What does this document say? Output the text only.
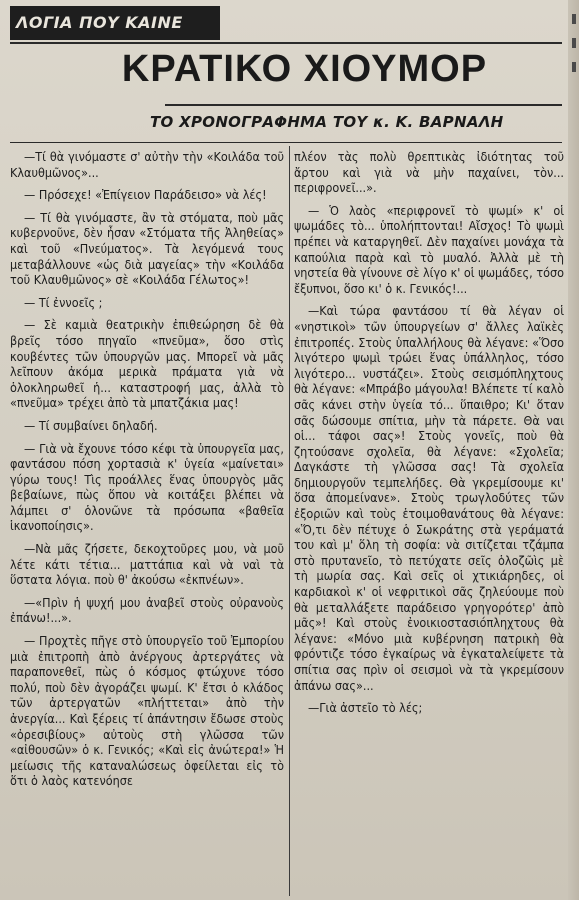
ΛΟΓΙΑ ΠΟΥ ΚΑΙΝΕ
ΚΡΑΤΙΚΟ ΧΙΟΥΜΟΡ
ΤΟ ΧΡΟΝΟΓΡΑΦΗΜΑ ΤΟΥ κ. Κ. ΒΑΡΝΑΛΗ

—Τί θὰ γινόμαστε σ' αὐτὴν τὴν «Κοιλάδα τοῦ Κλαυθμῶνος»...

— Πρόσεχε! «Ἐπίγειον Παράδεισο» νὰ λές!

— Τί θὰ γινόμαστε, ἂν τὰ στόματα, ποὺ μᾶς κυβερνοῦνε, δὲν ἦσαν «Στόματα τῆς Ἀληθείας» καὶ τοῦ «Πνεύματος». Τὰ λεγόμενά τους μεταβάλλουνε «ὡς διὰ μαγείας» τὴν «Κοιλάδα τοῦ Κλαυθμῶνος» σὲ «Κοιλάδα Γέλωτος»!

— Τί ἐννοεῖς ;

— Σὲ καμιὰ θεατρικὴν ἐπιθεώρηση δὲ θὰ βρεῖς τόσο πηγαῖο «πνεῦμα», ὅσο στὶς κουβέντες τῶν ὑπουργῶν μας. Μπορεῖ νὰ μᾶς λεῖπουν ἀκόμα μερικὰ πράματα γιὰ νὰ ὁλοκληρωθεῖ ἡ... καταστροφή μας, ἀλλὰ τὸ «πνεῦμα» τρέχει ἀπὸ τὰ μπατζάκια μας!

— Τί συμβαίνει δηλαδή.

— Γιὰ νὰ ἔχουνε τόσο κέφι τὰ ὑπουργεῖα μας, φαντάσου πόση χορτασιὰ κ' ὑγεία «μαίνεται» γύρω τους! Τὶς προάλλες ἕνας ὑπουργὸς μᾶς βεβαίωνε, πὼς ὅπου νὰ κοιτάξει βλέπει νὰ λάμπει σ' ὁλονῶνε τὰ πρόσωπα «βαθεῖα ἱκανοποίησις».

—Νὰ μᾶς ζήσετε, δεκοχτοῦρες μου, νὰ μοῦ λέτε κάτι τέτια... ματτάπια καὶ νὰ ναὶ τὰ ὕστατα λόγια. ποὺ θ' ἀκούσω «ἐκπνέων».

—«Πρὶν ἡ ψυχή μου ἀναβεῖ στοὺς οὐρανοὺς ἐπάνω!...».

— Προχτὲς πῆγε στὸ ὑπουργεῖο τοῦ Ἐμπορίου μιὰ ἐπιτροπὴ ἀπὸ ἀνέργους ἀρτεργάτες νὰ παραπονεθεῖ, πὼς ὁ κόσμος φτώχυνε τόσο πολύ, ποὺ δὲν ἀγοράζει ψωμί. Κ' ἔτσι ὁ κλάδος τῶν ἀρτεργατῶν «πλήττεται» ἀπὸ τὴν ἀνεργία... Καὶ ξέρεις τί ἀπάντησιν ἔδωσε στοὺς «ὀρεσιβίους» αὐτοὺς στὴ γλῶσσα τῶν «αἰθουσῶν» ὁ κ. Γενικός; «Καὶ εἰς ἀνώτερα!» Ἡ μείωσις τῆς καταναλώσεως ὀφείλεται εἰς τὸ ὅτι ὁ λαὸς κατενόησε

πλέον τὰς πολὺ θρεπτικὰς ἰδιότητας τοῦ ἄρτου καὶ γιὰ νὰ μὴν παχαίνει, τὸν... περιφρονεῖ...».

— Ὁ λαὸς «περιφρονεῖ τὸ ψωμί» κ' οἱ ψωμάδες τὸ... ὑπολήπτονται! Αἴσχος! Τὸ ψωμὶ πρέπει νὰ καταργηθεῖ. Δὲν παχαίνει μονάχα τὰ καπούλια παρὰ καὶ τὸ μυαλό. Ἀλλὰ μὲ τὴ νηστεία θὰ γίνουνε σὲ λίγο κ' οἱ ψωμάδες, τόσο ἔξυπνοι, ὅσο κι' ὁ κ. Γενικός!...

—Καὶ τώρα φαντάσου τί θὰ λέγαν οἱ «νηστικοὶ» τῶν ὑπουργείων σ' ἄλλες λαϊκὲς ἐπιτροπές. Στοὺς ὑπαλλήλους θὰ λέγανε: «Ὅσο λιγότερο ψωμὶ τρώει ἕνας ὑπάλληλος, τόσο λιγότερο... νυστάζει». Στοὺς σεισμόπληχτους θὰ λέγανε: «Μπράβο μάγουλα! Βλέπετε τί καλὸ σᾶς κάνει στὴν ὑγεία τό... ὕπαιθρο; Κι' ὅταν σᾶς δώσουμε σπίτια, μὴν τὰ πάρετε. Θὰ ναι οἱ... τάφοι σας»! Στοὺς γονεῖς, ποὺ θὰ ζητούσανε σχολεῖα, θὰ λέγανε: «Σχολεῖα; Δαγκάστε τὴ γλῶσσα σας! Τὰ σχολεῖα δημιουργοῦν τεμπελήδες. Θὰ γκρεμίσουμε κι' ὅσα ἀπομείνανε». Στοὺς τρωγλοδύτες τῶν ἐξοριῶν καὶ τοὺς ἑτοιμοθανάτους θὰ λέγανε: «Ὅ,τι δὲν πέτυχε ὁ Σωκράτης στὰ γεράματά του καὶ μ' ὅλη τὴ σοφία: νὰ σιτίζεται τζάμπα στὸ πρυτανεῖο, τὸ πετύχατε σεῖς ὁλοζῶὶς μὲ τὴ μωρία σας. Καὶ σεῖς οἱ χτικιάρηδες, οἱ καρδιακοὶ κ' οἱ νεφριτικοὶ σᾶς ζηλεύουμε ποὺ θὰ μεταλλάξετε παράδεισο γρηγορότερ' ἀπὸ μᾶς»! Καὶ στοὺς ἐνοικιοστασιόπληχτους θὰ λέγανε: «Μόνο μιὰ κυβέρνηση πατρικὴ θὰ φρόντιζε τόσο ἐγκαίρως νὰ ἐγκαταλείψετε τὰ σπίτια σας πρὶν οἱ σεισμοὶ νὰ τὰ γκρεμίσουν ἀπάνω σας»...

—Γιὰ ἀστεῖο τὸ λές;
